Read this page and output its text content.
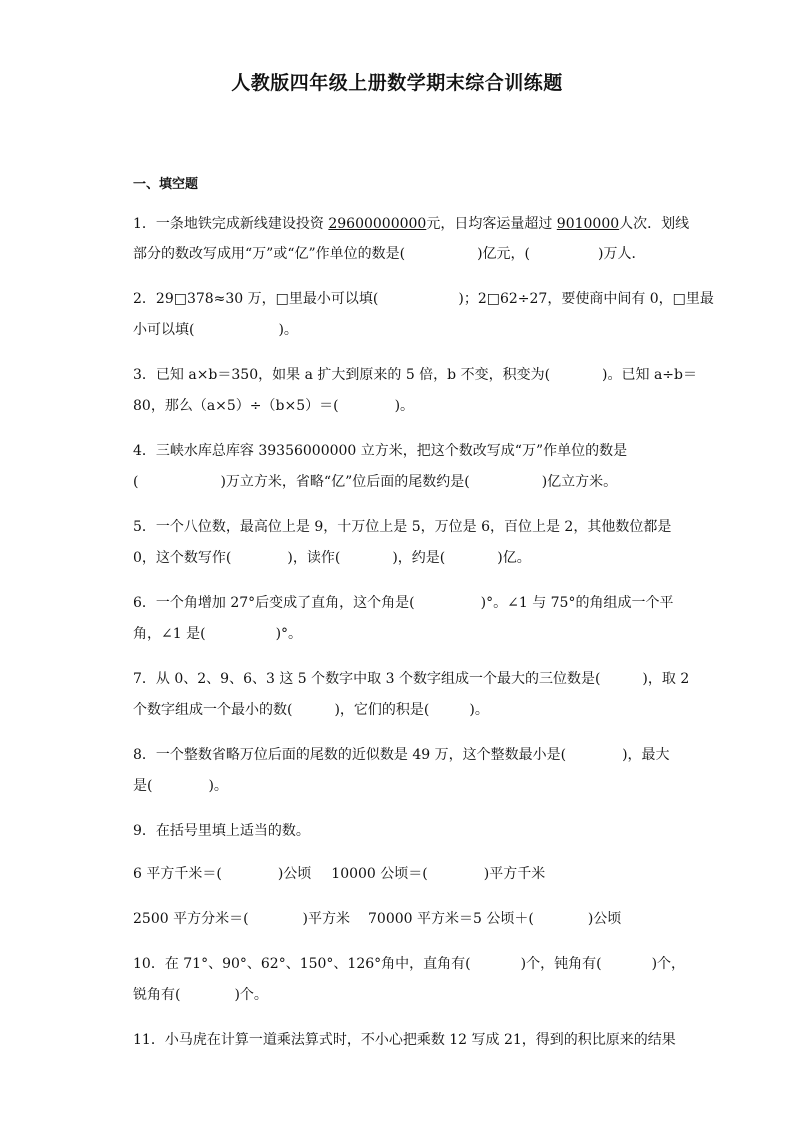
人教版四年级上册数学期末综合训练题
一、填空题
1．一条地铁完成新线建设投资 29600000000元，日均客运量超过 9010000人次．划线
部分的数改写成用“万”或“亿”作单位的数是(	)亿元，(	)万人．
2．29□378≈30 万，□里最小可以填(	)；2□62÷27，要使商中间有 0，□里最
小可以填(	)。
3．已知 a×b＝350，如果 a 扩大到原来的 5 倍，b 不变，积变为(	)。已知 a÷b＝
80，那么（a×5）÷（b×5）＝(	)。
4．三峡水库总库容 39356000000 立方米，把这个数改写成“万”作单位的数是
(	)万立方米，省略“亿”位后面的尾数约是(	)亿立方米。
5．一个八位数，最高位上是 9，十万位上是 5，万位是 6，百位上是 2，其他数位都是
0，这个数写作(	)，读作(	)，约是(	)亿。
6．一个角增加 27°后变成了直角，这个角是(	)°。∠1 与 75°的角组成一个平
角，∠1 是(	)°。
7．从 0、2、9、6、3 这 5 个数字中取 3 个数字组成一个最大的三位数是(	)，取 2
个数字组成一个最小的数(	)，它们的积是(	)。
8．一个整数省略万位后面的尾数的近似数是 49 万，这个整数最小是(	)，最大
是(	)。
9．在括号里填上适当的数。
6 平方千米＝(	)公顷 10000 公顷＝(	)平方千米
2500 平方分米＝(	)平方米 70000 平方米＝5 公顷＋(	)公顷
10．在 71°、90°、62°、150°、126°角中，直角有(	)个，钝角有(	)个，
锐角有(	)个。
11．小马虎在计算一道乘法算式时，不小心把乘数 12 写成 21，得到的积比原来的结果
